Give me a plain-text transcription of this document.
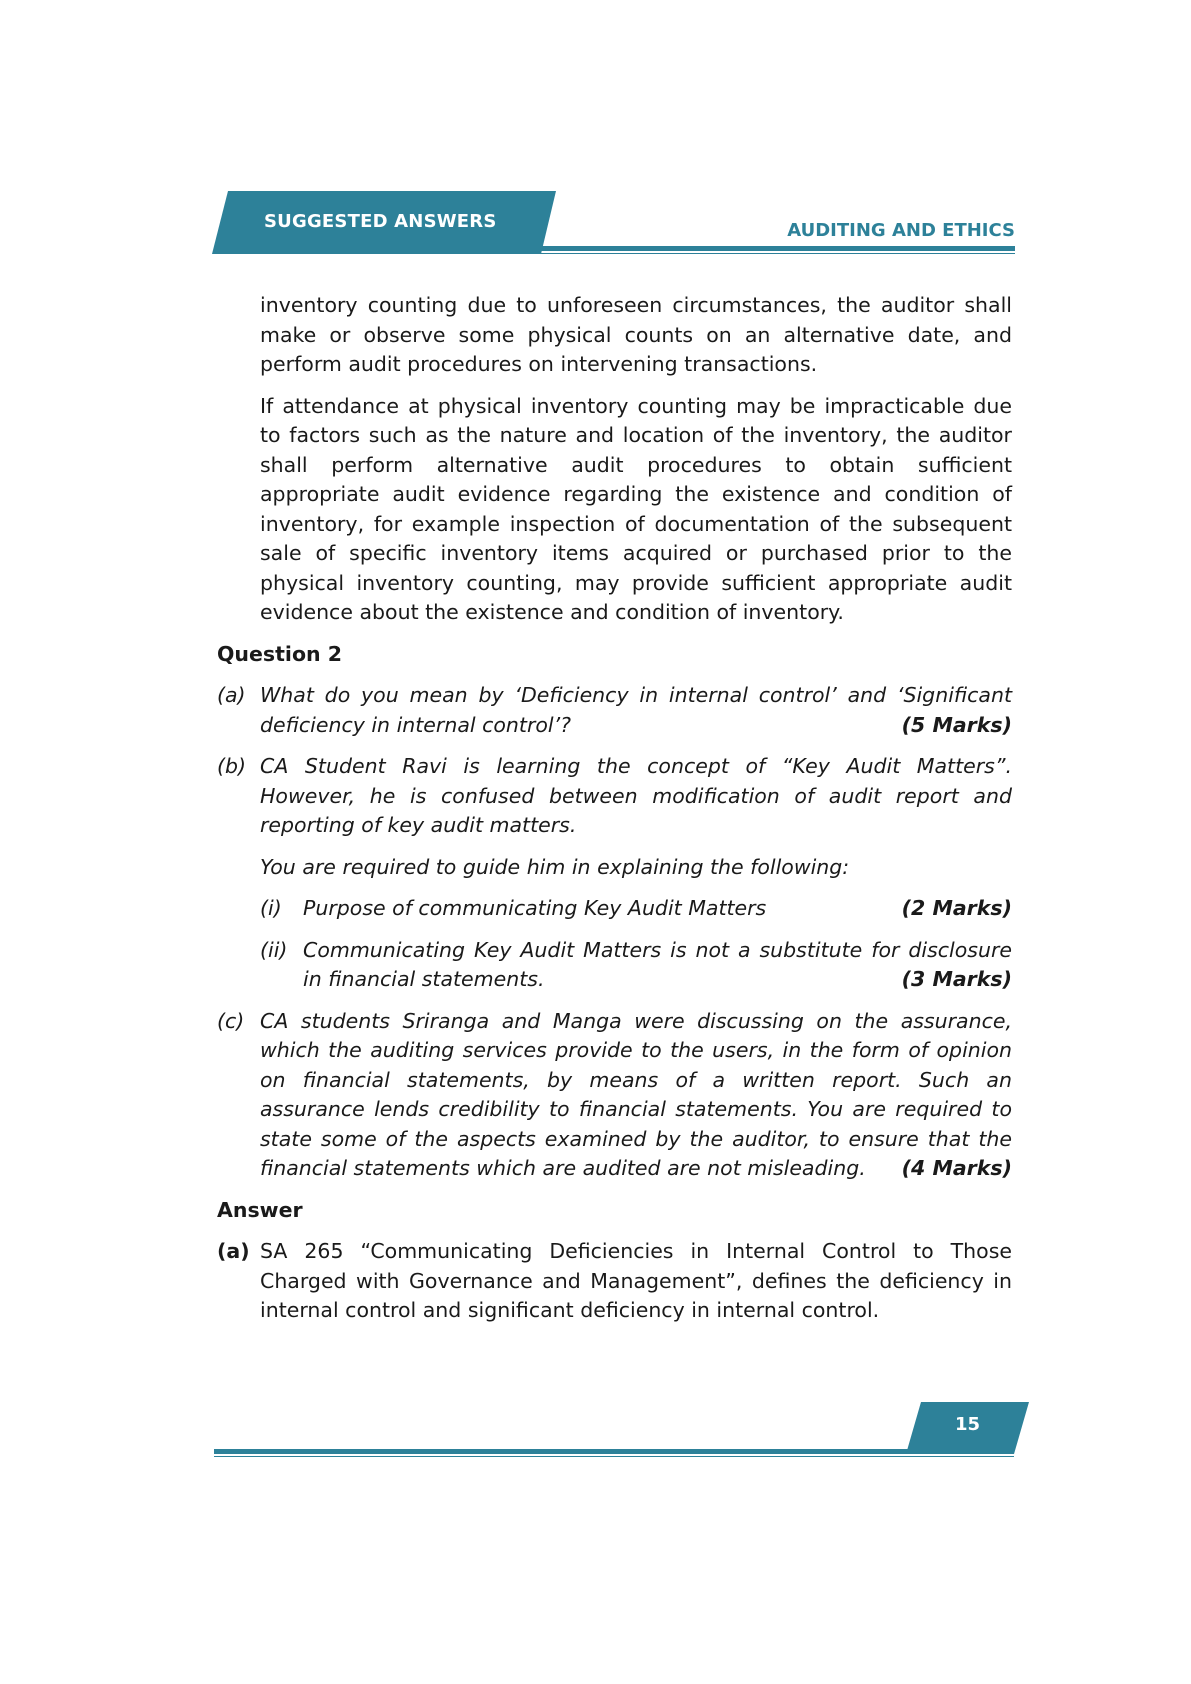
SUGGESTED ANSWERS	AUDITING AND ETHICS

inventory counting due to unforeseen circumstances, the auditor shall make or observe some physical counts on an alternative date, and perform audit procedures on intervening transactions.

If attendance at physical inventory counting may be impracticable due to factors such as the nature and location of the inventory, the auditor shall perform alternative audit procedures to obtain sufficient appropriate audit evidence regarding the existence and condition of inventory, for example inspection of documentation of the subsequent sale of specific inventory items acquired or purchased prior to the physical inventory counting, may provide sufficient appropriate audit evidence about the existence and condition of inventory.

Question 2
(a) What do you mean by ‘Deficiency in internal control’ and ‘Significant deficiency in internal control’?	(5 Marks)
(b) CA Student Ravi is learning the concept of “Key Audit Matters”. However, he is confused between modification of audit report and reporting of key audit matters.
You are required to guide him in explaining the following:
(i) Purpose of communicating Key Audit Matters	(2 Marks)
(ii) Communicating Key Audit Matters is not a substitute for disclosure in financial statements.	(3 Marks)
(c) CA students Sriranga and Manga were discussing on the assurance, which the auditing services provide to the users, in the form of opinion on financial statements, by means of a written report. Such an assurance lends credibility to financial statements. You are required to state some of the aspects examined by the auditor, to ensure that the financial statements which are audited are not misleading. (4 Marks)
Answer
(a) SA 265 “Communicating Deficiencies in Internal Control to Those Charged with Governance and Management”, defines the deficiency in internal control and significant deficiency in internal control.
15
